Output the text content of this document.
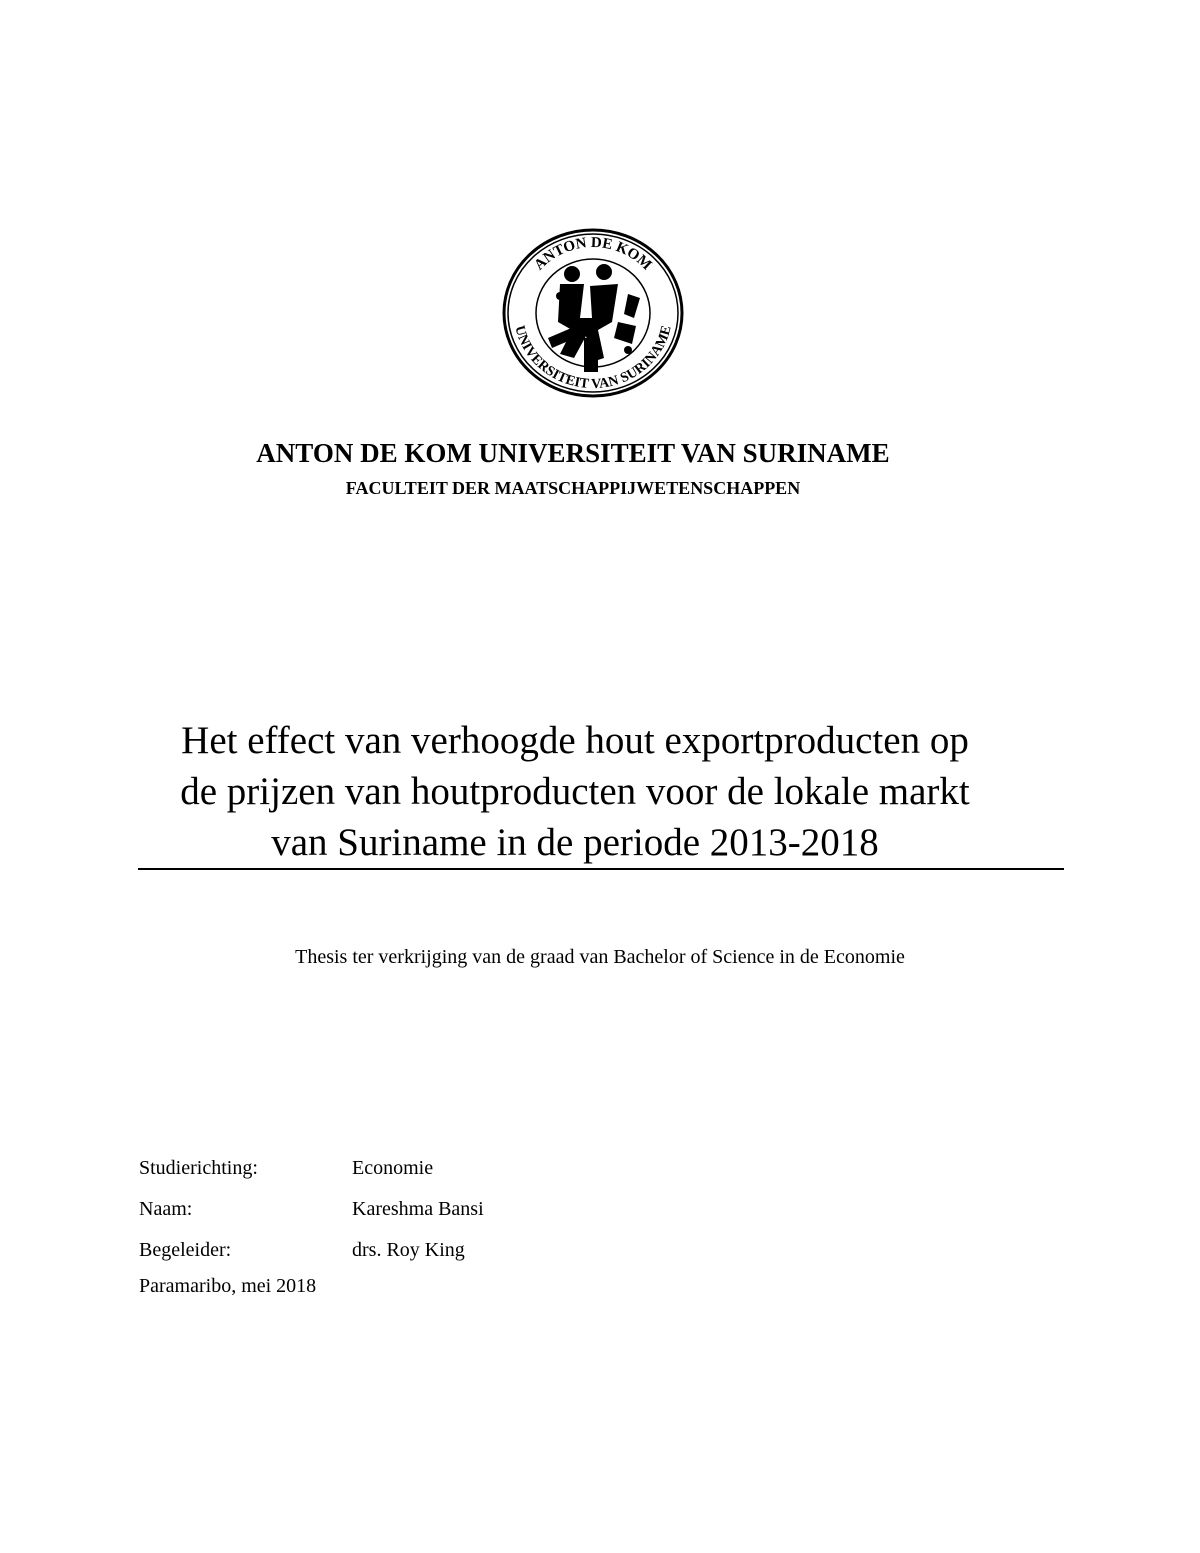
ANTON DE KOM
UNIVERSITEIT VAN SURINAME
ANTON DE KOM UNIVERSITEIT VAN SURINAME
FACULTEIT DER MAATSCHAPPIJWETENSCHAPPEN
Het effect van verhoogde hout exportproducten op
de prijzen van houtproducten voor de lokale markt
van Suriname in de periode 2013-2018
Thesis ter verkrijging van de graad van Bachelor of Science in de Economie
Studierichting:	Economie
Naam:	Kareshma Bansi
Begeleider:	drs. Roy King
Paramaribo, mei 2018
